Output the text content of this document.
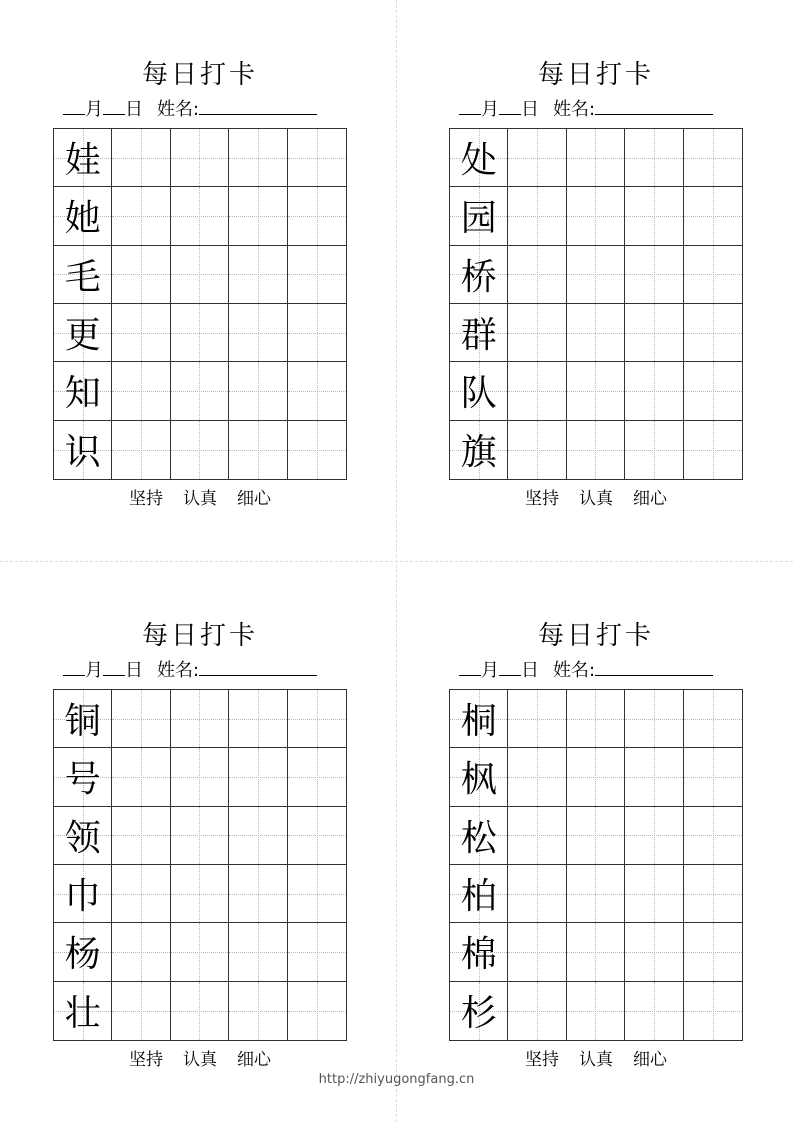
每日打卡
月 日 姓名:
娃
她
毛
更
知
识
坚持 认真 细心
每日打卡
月 日 姓名:
处
园
桥
群
队
旗
坚持 认真 细心
每日打卡
月 日 姓名:
铜
号
领
巾
杨
壮
坚持 认真 细心
每日打卡
月 日 姓名:
桐
枫
松
柏
棉
杉
坚持 认真 细心
http://zhiyugongfang.cn
